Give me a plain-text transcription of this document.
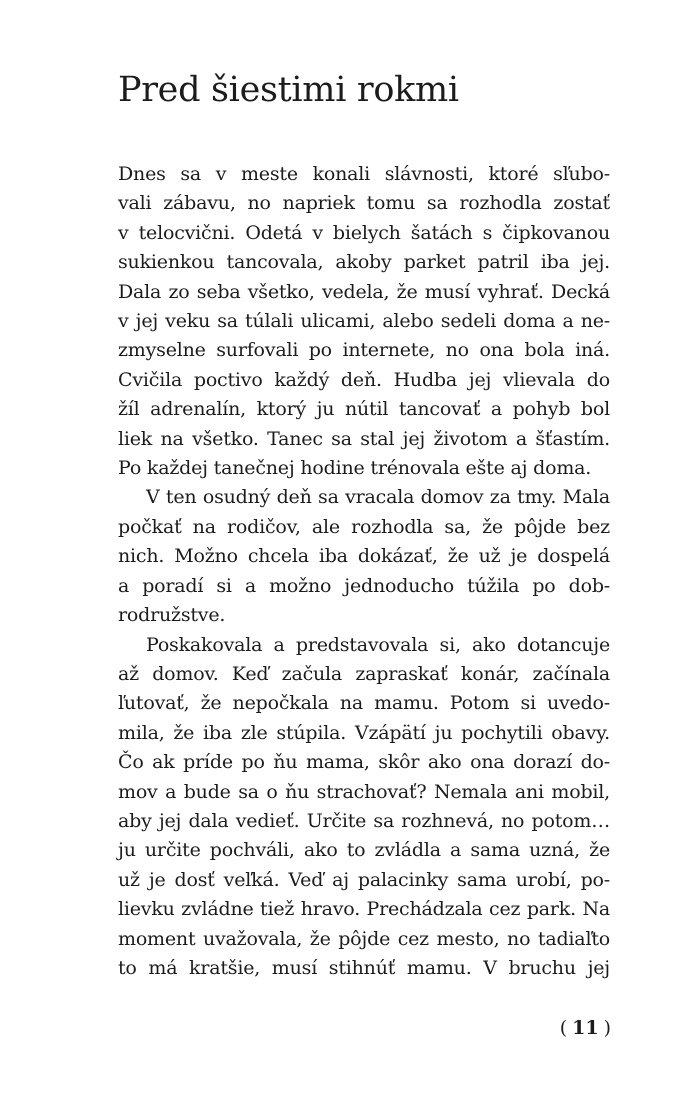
Pred šiestimi rokmi
Dnes sa v meste konali slávnosti, ktoré sľubo-
vali zábavu, no napriek tomu sa rozhodla zostať
v telocvični. Odetá v bielych šatách s čipkovanou
sukienkou tancovala, akoby parket patril iba jej.
Dala zo seba všetko, vedela, že musí vyhrať. Decká
v jej veku sa túlali ulicami, alebo sedeli doma a ne-
zmyselne surfovali po internete, no ona bola iná.
Cvičila poctivo každý deň. Hudba jej vlievala do
žíl adrenalín, ktorý ju nútil tancovať a pohyb bol
liek na všetko. Tanec sa stal jej životom a šťastím.
Po každej tanečnej hodine trénovala ešte aj doma.
V ten osudný deň sa vracala domov za tmy. Mala
počkať na rodičov, ale rozhodla sa, že pôjde bez
nich. Možno chcela iba dokázať, že už je dospelá
a poradí si a možno jednoducho túžila po dob-
rodružstve.
Poskakovala a predstavovala si, ako dotancuje
až domov. Keď začula zapraskať konár, začínala
ľutovať, že nepočkala na mamu. Potom si uvedo-
mila, že iba zle stúpila. Vzápätí ju pochytili obavy.
Čo ak príde po ňu mama, skôr ako ona dorazí do-
mov a bude sa o ňu strachovať? Nemala ani mobil,
aby jej dala vedieť. Určite sa rozhnevá, no potom…
ju určite pochváli, ako to zvládla a sama uzná, že
už je dosť veľká. Veď aj palacinky sama urobí, po-
lievku zvládne tiež hravo. Prechádzala cez park. Na
moment uvažovala, že pôjde cez mesto, no tadiaľto
to má kratšie, musí stihnúť mamu. V bruchu jej
( 11 )
